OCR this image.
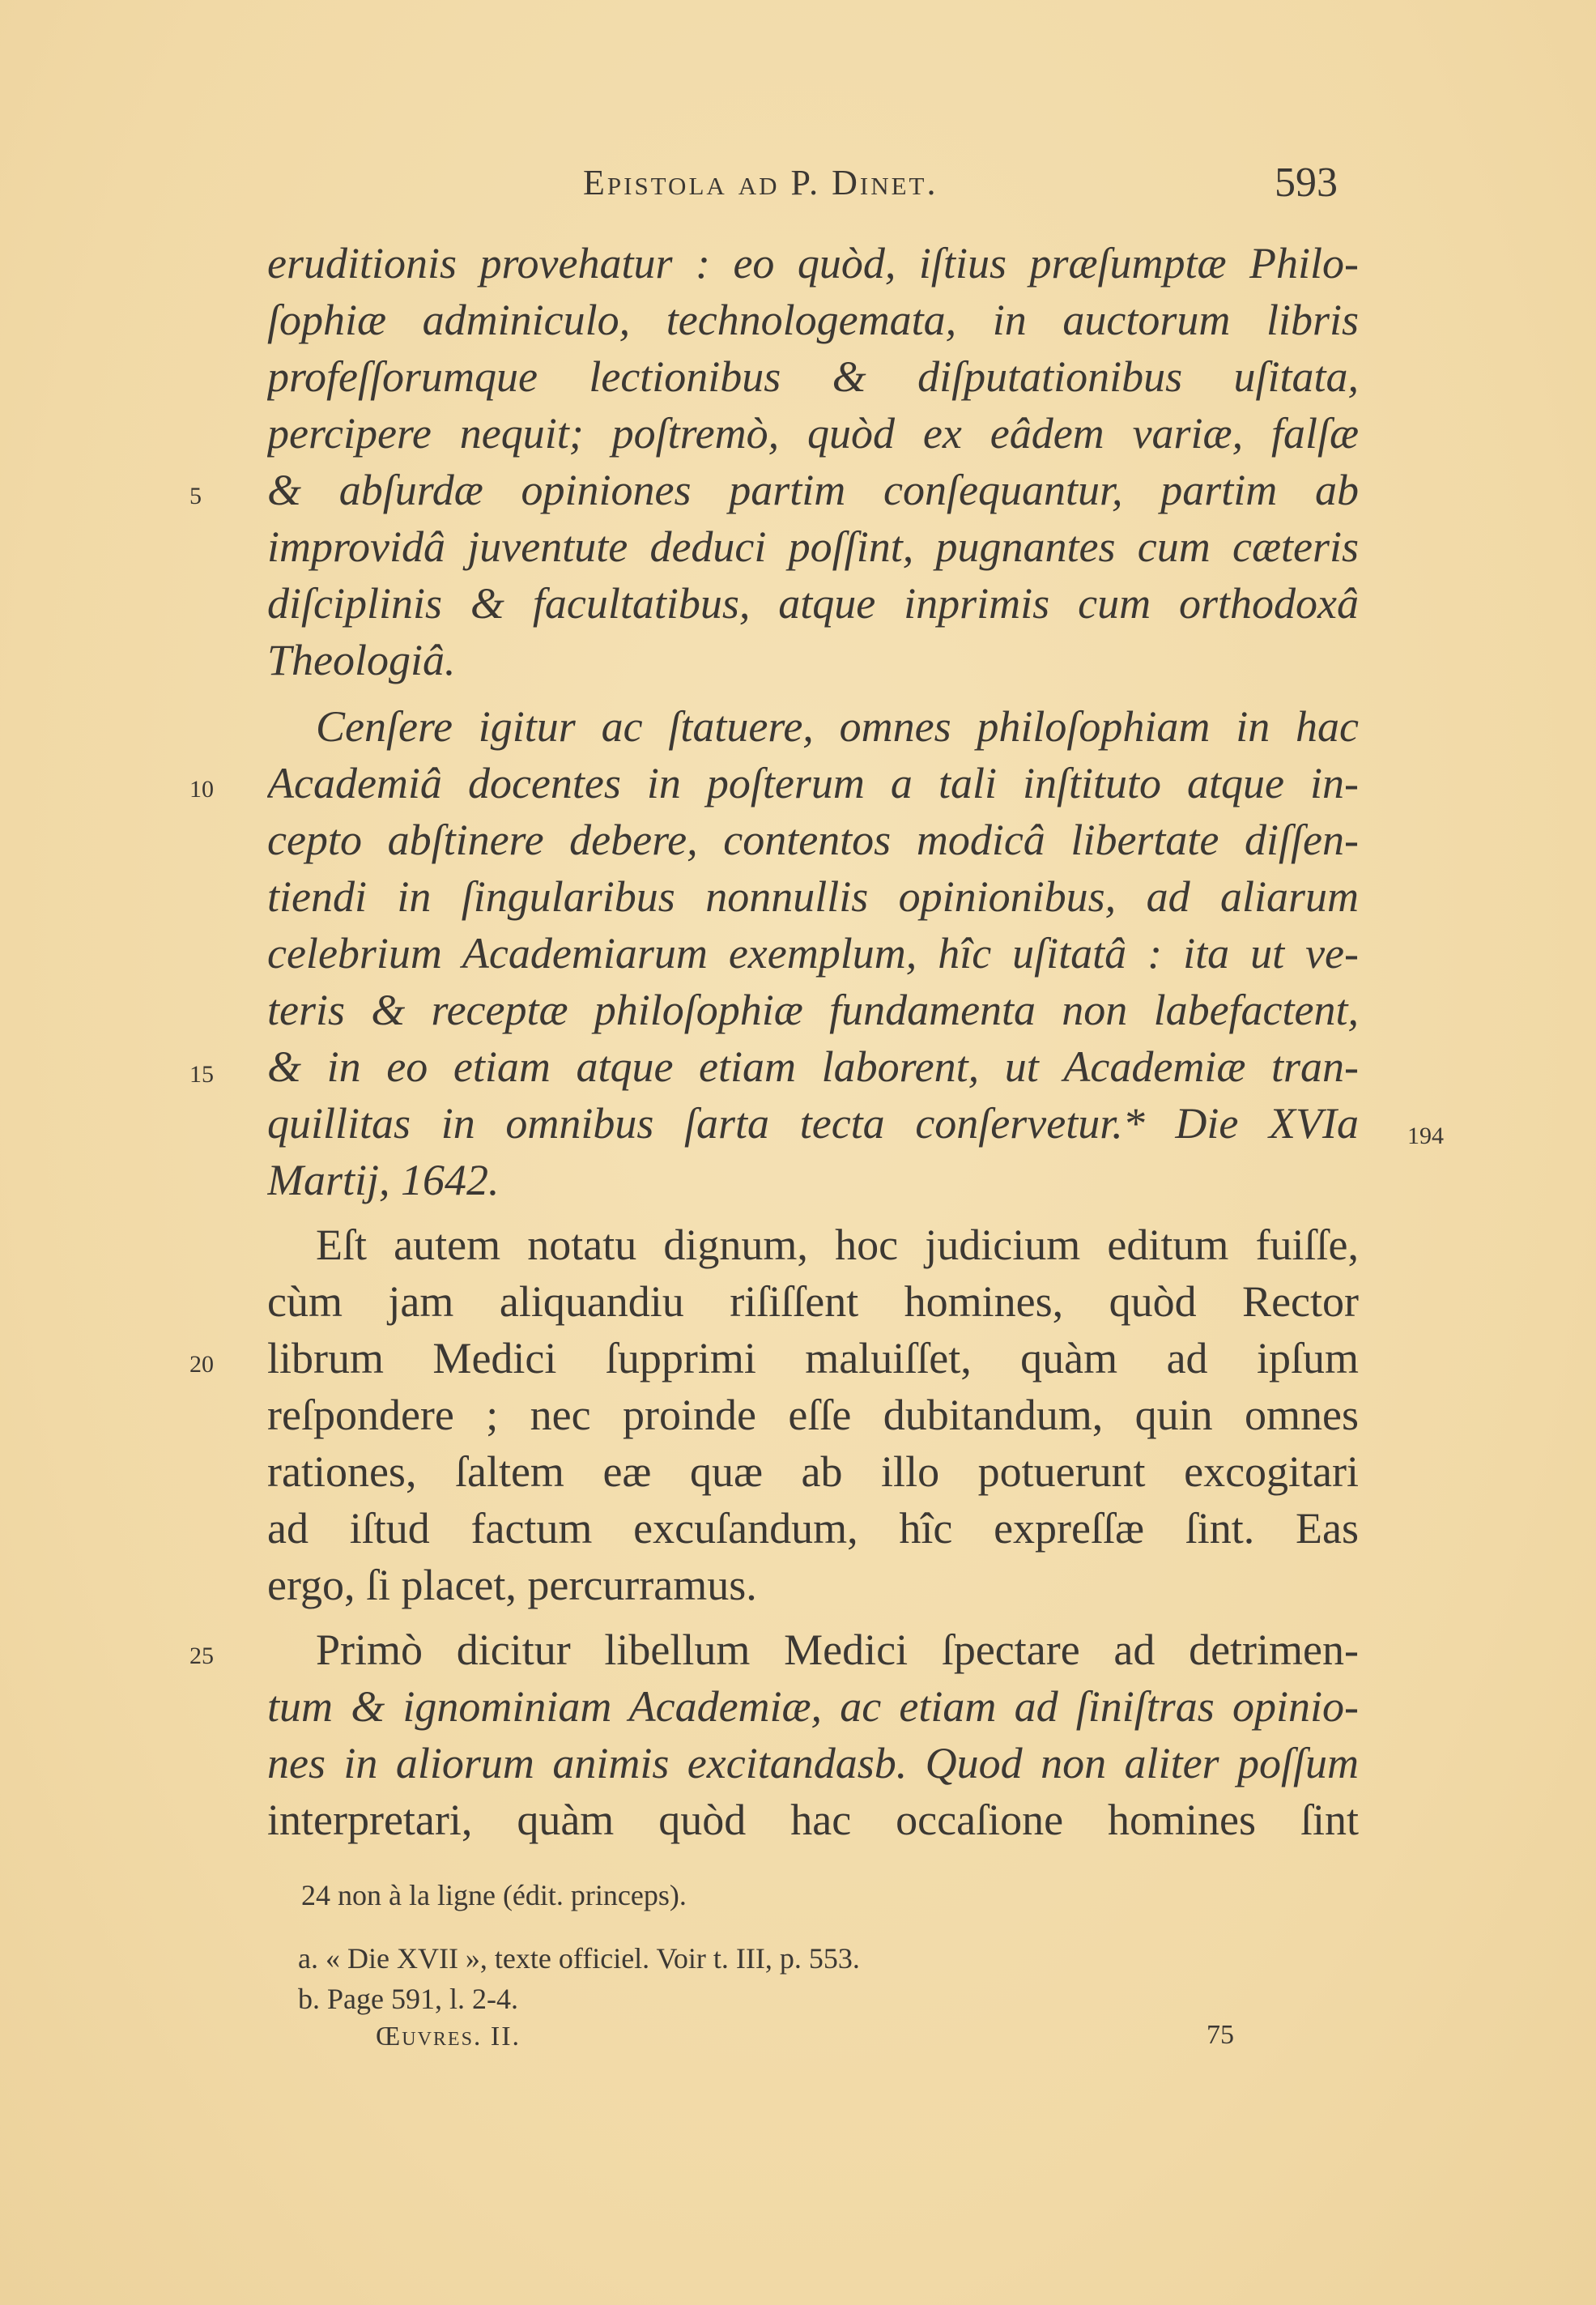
Epistola ad P. Dinet.	593
eruditionis provehatur : eo quòd, iſtius præſumptæ Philo-
ſophiæ adminiculo, technologemata, in auctorum libris
profeſſorumque lectionibus & diſputationibus uſitata,
percipere nequit; poſtremò, quòd ex eâdem variæ, falſæ
& abſurdæ opiniones partim conſequantur, partim ab
improvidâ juventute deduci poſſint, pugnantes cum cæteris
diſciplinis & facultatibus, atque inprimis cum orthodoxâ
Theologiâ.
Cenſere igitur ac ſtatuere, omnes philoſophiam in hac
Academiâ docentes in poſterum a tali inſtituto atque in-
cepto abſtinere debere, contentos modicâ libertate diſſen-
tiendi in ſingularibus nonnullis opinionibus, ad aliarum
celebrium Academiarum exemplum, hîc uſitatâ : ita ut ve-
teris & receptæ philoſophiæ fundamenta non labefactent,
& in eo etiam atque etiam laborent, ut Academiæ tran-
quillitas in omnibus ſarta tecta conſervetur.* Die XVIa
Martij, 1642.
Eſt autem notatu dignum, hoc judicium editum fuiſſe,
cùm jam aliquandiu riſiſſent homines, quòd Rector
librum Medici ſupprimi maluiſſet, quàm ad ipſum
reſpondere ; nec proinde eſſe dubitandum, quin omnes
rationes, ſaltem eæ quæ ab illo potuerunt excogitari
ad iſtud factum excuſandum, hîc expreſſæ ſint. Eas
ergo, ſi placet, percurramus.
Primò dicitur libellum Medici ſpectare ad detrimen-
tum & ignominiam Academiæ, ac etiam ad ſiniſtras opinio-
nes in aliorum animis excitandasb. Quod non aliter poſſum
interpretari, quàm quòd hac occaſione homines ſint
5
10
15
20
25
194
24 non à la ligne (édit. princeps).
a. « Die XVII », texte officiel. Voir t. III, p. 553.
b. Page 591, l. 2-4.
Œuvres. II.	75
